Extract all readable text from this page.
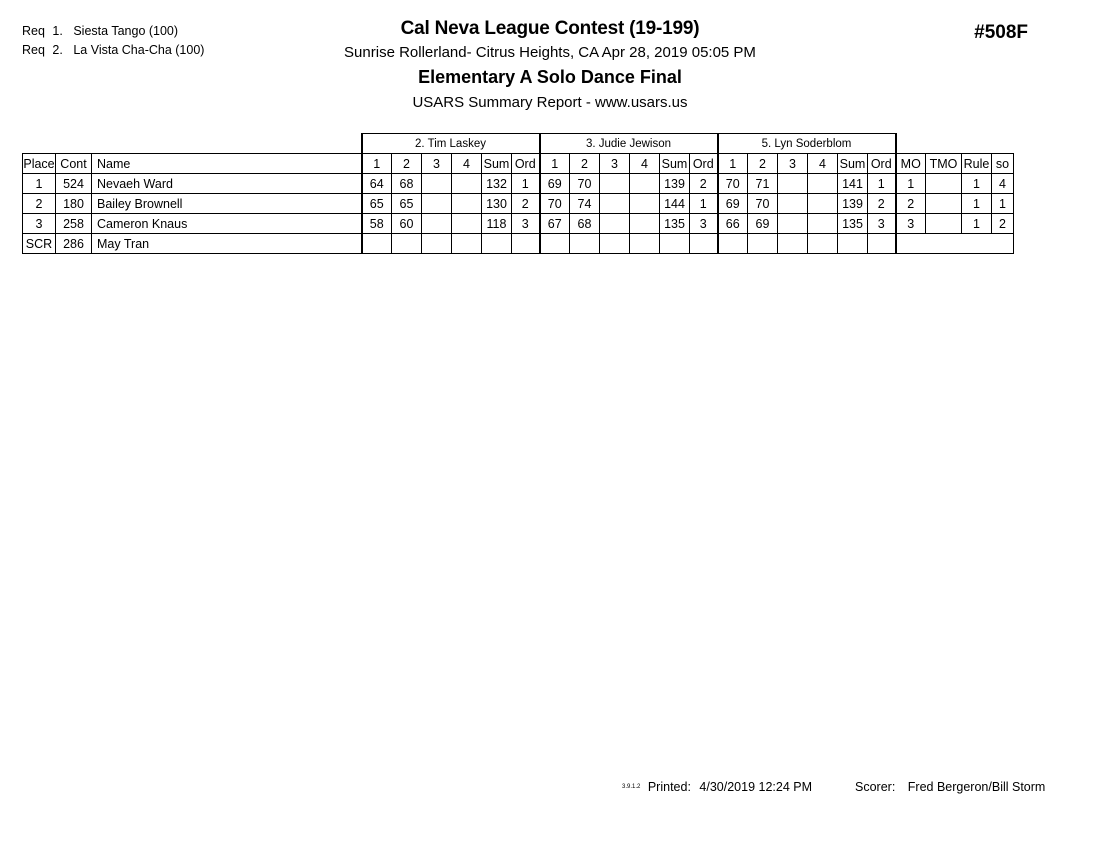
Req 1. Siesta Tango (100)
Req 2. La Vista Cha-Cha (100)
Cal Neva League Contest (19-199)
Sunrise Rollerland- Citrus Heights, CA Apr 28, 2019 05:05 PM
Elementary A Solo Dance Final
USARS Summary Report - www.usars.us
#508F
			2. Tim Laskey						3. Judie Jewison						5. Lyn Soderblom									
Place	Cont	Name	1	2	3	4	Sum	Ord	1	2	3	4	Sum	Ord	1	2	3	4	Sum	Ord	MO	TMO	Rule	so
1	524	Nevaeh Ward	64	68			132	1	69	70			139	2	70	71			141	1	1		1	4
2	180	Bailey Brownell	65	65			130	2	70	74			144	1	69	70			139	2	2		1	1
3	258	Cameron Knaus	58	60			118	3	67	68			135	3	66	69			135	3	3		1	2
SCR	286	May Tran																						
$^{3.9.1.2}$ Printed: 4/30/2019 12:24 PM	Scorer: Fred Bergeron/Bill Storm
